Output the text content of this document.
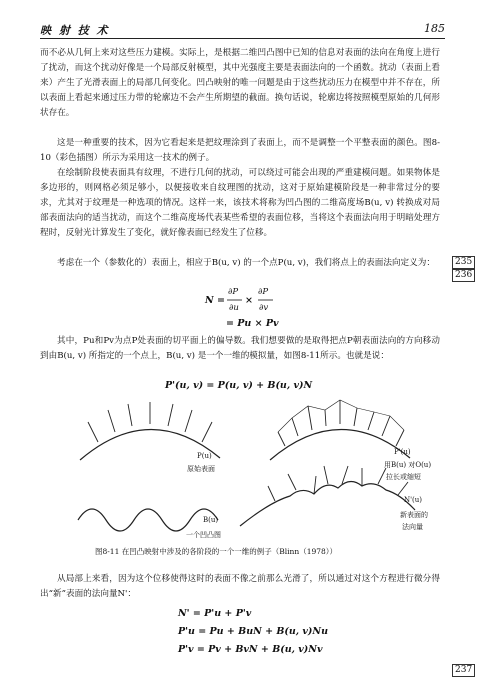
映 射 技 术	185

而不必从几何上来对这些压力建模。实际上，是根据二维凹凸图中已知的信息对表面的法向在角度上进行了扰动，而这个扰动好像是一个局部反射模型，其中光强度主要是表面法向的一个函数。扰动（表面上看来）产生了光滑表面上的局部几何变化。凹凸映射的唯一问题是由于这些扰动压力在模型中并不存在，所以表面上看起来通过压力带的轮廓边不会产生所期望的截面。换句话说，轮廓边将按照模型原始的几何形状存在。

这是一种重要的技术，因为它看起来是把纹理涂到了表面上，而不是调整一个平整表面的颜色。图8-10（彩色插图）所示为采用这一技术的例子。

在绘制阶段使表面具有纹理，不进行几何的扰动，可以绕过可能会出现的严重建模问题。如果物体是多边形的，则网格必须足够小，以便接收来自纹理图的扰动，这对于原始建模阶段是一种非常过分的要求，尤其对于纹理是一种选项的情况。这样一来，该技术将称为凹凸图的二维高度场B(u, v) 转换成对局部表面法向的适当扰动，而这个二维高度场代表某些希望的表面位移，当将这个表面法向用于明暗处理方程时，反射光计算发生了变化，就好像表面已经发生了位移。

考虑在一个（参数化的）表面上，相应于B(u, v) 的一个点P(u, v)，我们将点上的表面法向定义为：	235
236
N =
∂P
∂u
×
∂P
∂v
= Pu × Pv

其中，Pu和Pv为点P处表面的切平面上的偏导数。我们想要做的是取得把点P朝表面法向的方向移动到由B(u, v) 所指定的一个点上，B(u, v) 是一个一维的模拟量，如图8-11所示。也就是说：

P'(u, v) = P(u, v) + B(u, v)N
P(u)
原始表面
P'(u)
用B(u) 对O(u)
拉长或缩短
B(u)
一个凹凸图
N'(u)
新表面的
法向量
图8-11 在凹凸映射中涉及的各阶段的一个一维的例子（Blinn（1978））

从局部上来看，因为这个位移使得这时的表面不像之前那么光滑了，所以通过对这个方程进行微分得出“新”表面的法向量N'：

N' = P'u + P'v
P'u = Pu + BuN + B(u, v)Nu
P'v = Pv + BvN + B(u, v)Nv
237
